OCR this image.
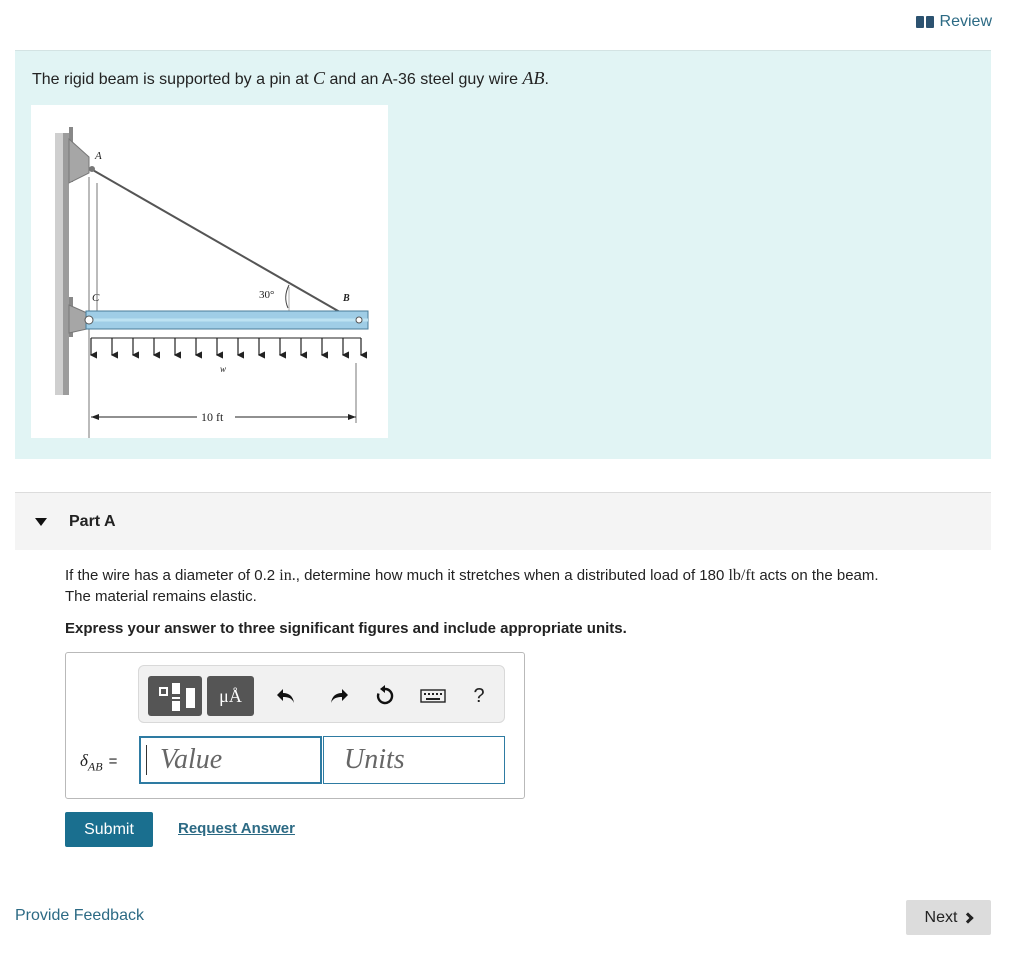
Review
The rigid beam is supported by a pin at C and an A-36 steel guy wire AB.
A
C	B
30°
w
10 ft
Part A
If the wire has a diameter of 0.2 in., determine how much it stretches when a distributed load of 180 lb/ft acts on the beam.
The material remains elastic.
Express your answer to three significant figures and include appropriate units.
μÅ	?
$\delta_{AB}$ =
Value
Units
Submit	Request Answer
Provide Feedback	Next
